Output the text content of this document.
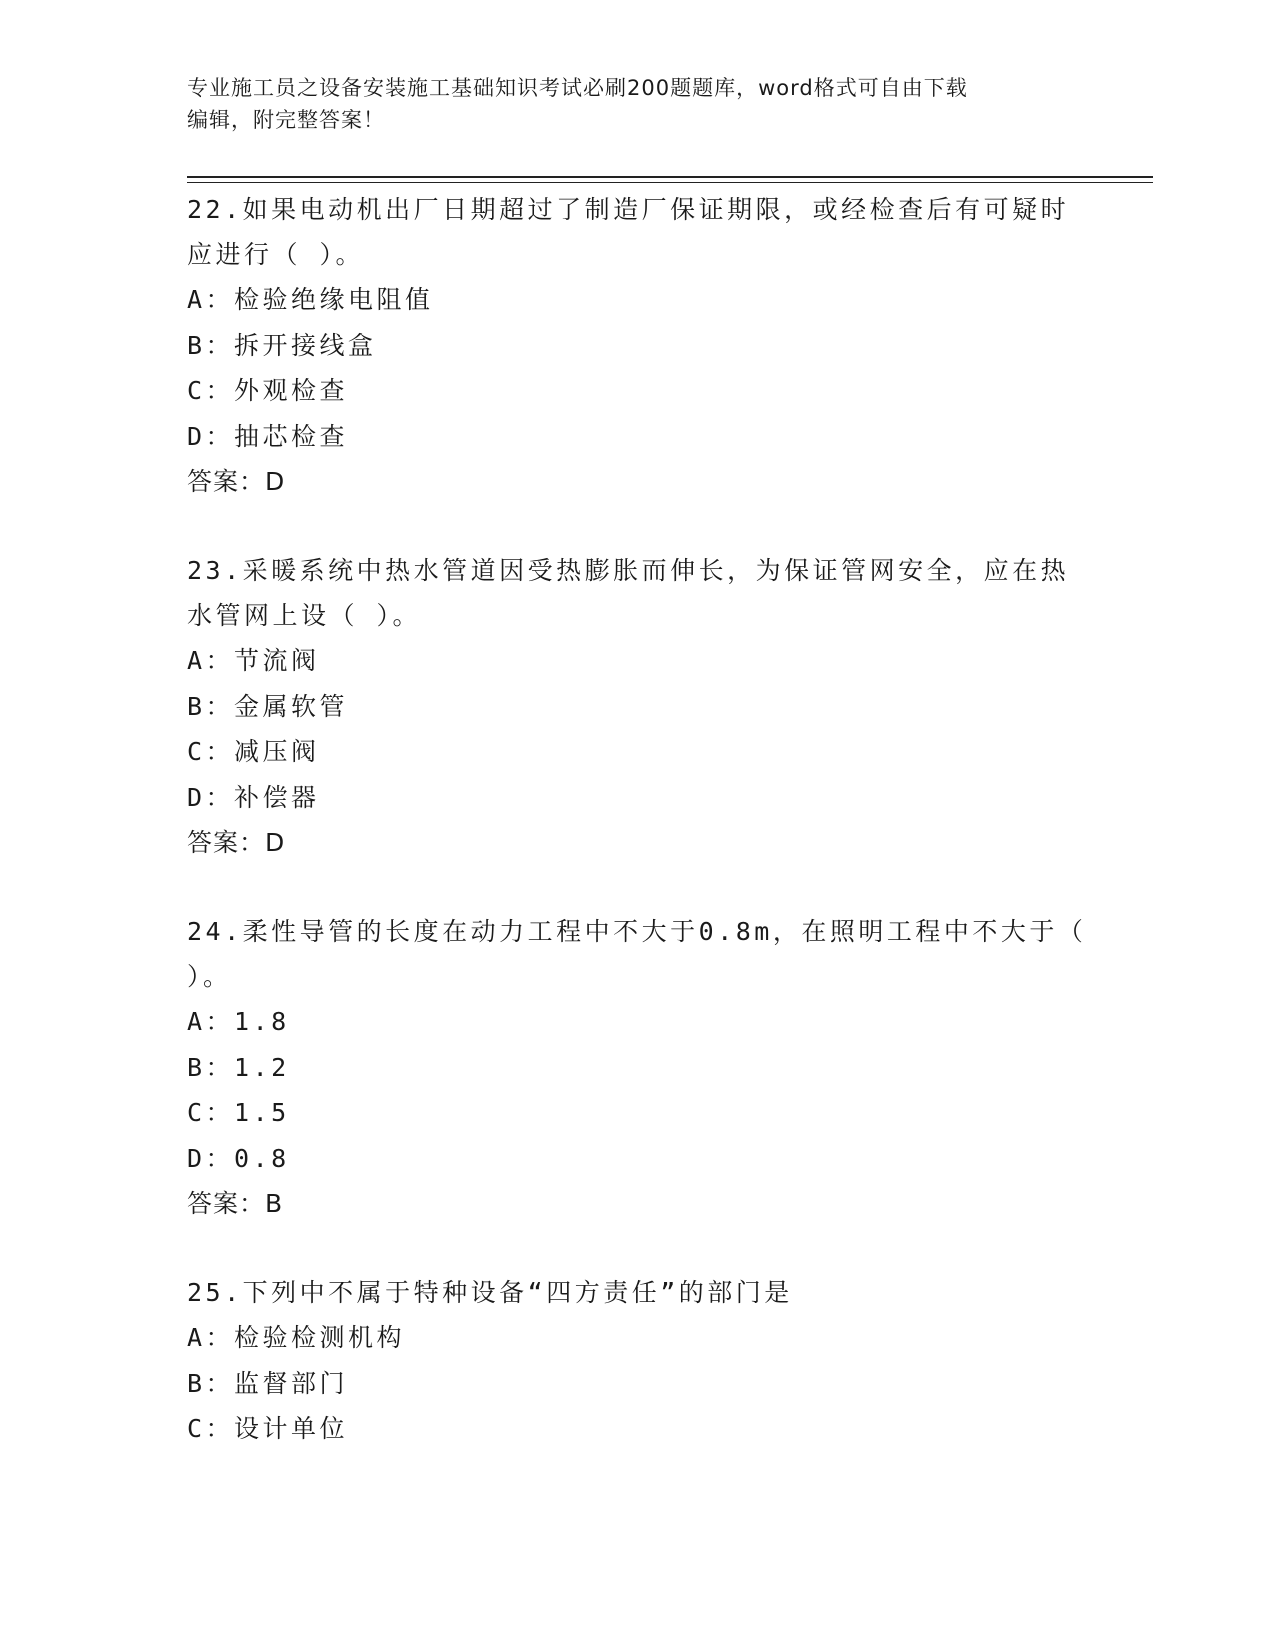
专业施工员之设备安装施工基础知识考试必刷200题题库，word格式可自由下载
编辑，附完整答案！
22.如果电动机出厂日期超过了制造厂保证期限，或经检查后有可疑时
应进行（ ）。
A：检验绝缘电阻值
B：拆开接线盒
C：外观检查
D：抽芯检查
答案：D
23.采暖系统中热水管道因受热膨胀而伸长，为保证管网安全，应在热
水管网上设（ ）。
A：节流阀
B：金属软管
C：减压阀
D：补偿器
答案：D
24.柔性导管的长度在动力工程中不大于0.8m，在照明工程中不大于（
）。
A：1.8
B：1.2
C：1.5
D：0.8
答案：B
25.下列中不属于特种设备“四方责任”的部门是
A：检验检测机构
B：监督部门
C：设计单位
